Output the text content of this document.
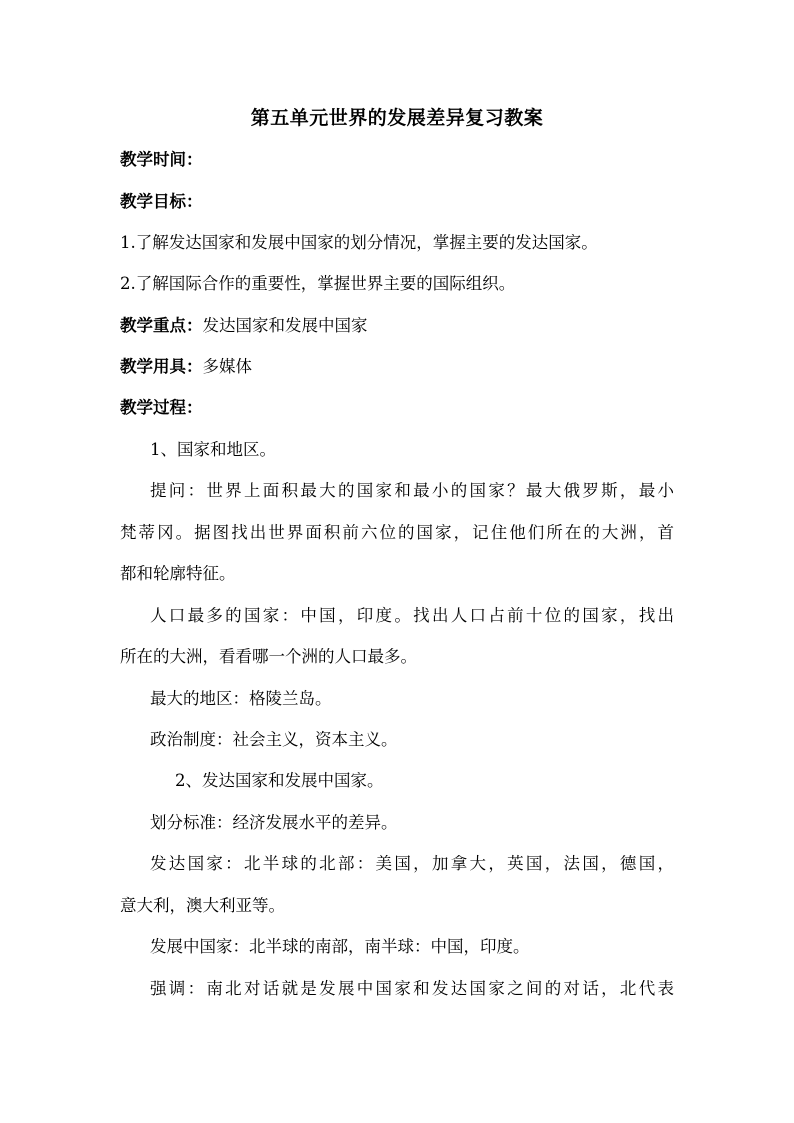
第五单元世界的发展差异复习教案
教学时间：
教学目标：
1.了解发达国家和发展中国家的划分情况，掌握主要的发达国家。
2.了解国际合作的重要性，掌握世界主要的国际组织。
教学重点：发达国家和发展中国家
教学用具：多媒体
教学过程：
1、国家和地区。
提问：世界上面积最大的国家和最小的国家？最大俄罗斯，最小
梵蒂冈。据图找出世界面积前六位的国家，记住他们所在的大洲，首
都和轮廓特征。
人口最多的国家：中国，印度。找出人口占前十位的国家，找出
所在的大洲，看看哪一个洲的人口最多。
最大的地区：格陵兰岛。
政治制度：社会主义，资本主义。
2、发达国家和发展中国家。
划分标准：经济发展水平的差异。
发达国家：北半球的北部：美国，加拿大，英国，法国，德国，
意大利，澳大利亚等。
发展中国家：北半球的南部，南半球：中国，印度。
强调：南北对话就是发展中国家和发达国家之间的对话，北代表
